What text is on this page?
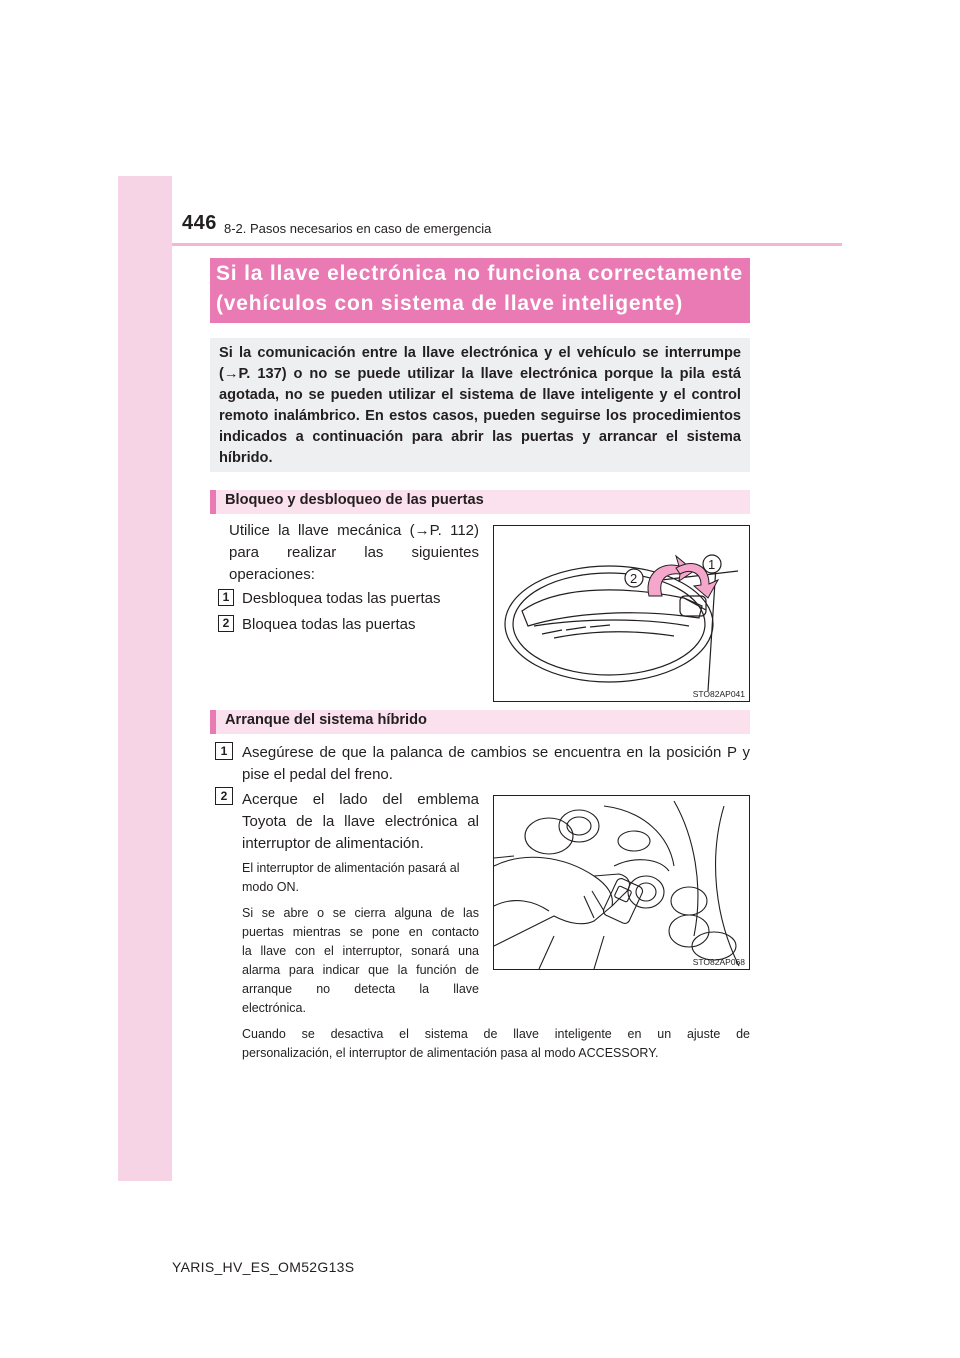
446 8-2. Pasos necesarios en caso de emergencia
Si la llave electrónica no funciona correctamente
(vehículos con sistema de llave inteligente)
Si la comunicación entre la llave electrónica y el vehículo se interrumpe (→P. 137) o no se puede utilizar la llave electrónica porque la pila está agotada, no se pueden utilizar el sistema de llave inteligente y el control remoto inalámbrico. En estos casos, pueden seguirse los procedimientos indicados a continuación para abrir las puertas y arrancar el sistema híbrido.
Bloqueo y desbloqueo de las puertas
Utilice la llave mecánica (→P. 112)
para realizar las siguientes
operaciones:
1 Desbloquea todas las puertas
2 Bloquea todas las puertas
2
1
STO82AP041
Arranque del sistema híbrido
1 Asegúrese de que la palanca de cambios se encuentra en la posición P y
pise el pedal del freno.
2 Acerque el lado del emblema
Toyota de la llave electrónica al
interruptor de alimentación.
El interruptor de alimentación pasará al
modo ON.
Si se abre o se cierra alguna de las
puertas mientras se pone en contacto
la llave con el interruptor, sonará una
alarma para indicar que la función de
arranque no detecta la llave
electrónica.
Cuando se desactiva el sistema de llave inteligente en un ajuste de
personalización, el interruptor de alimentación pasa al modo ACCESSORY.
STO82AP068
YARIS_HV_ES_OM52G13S
